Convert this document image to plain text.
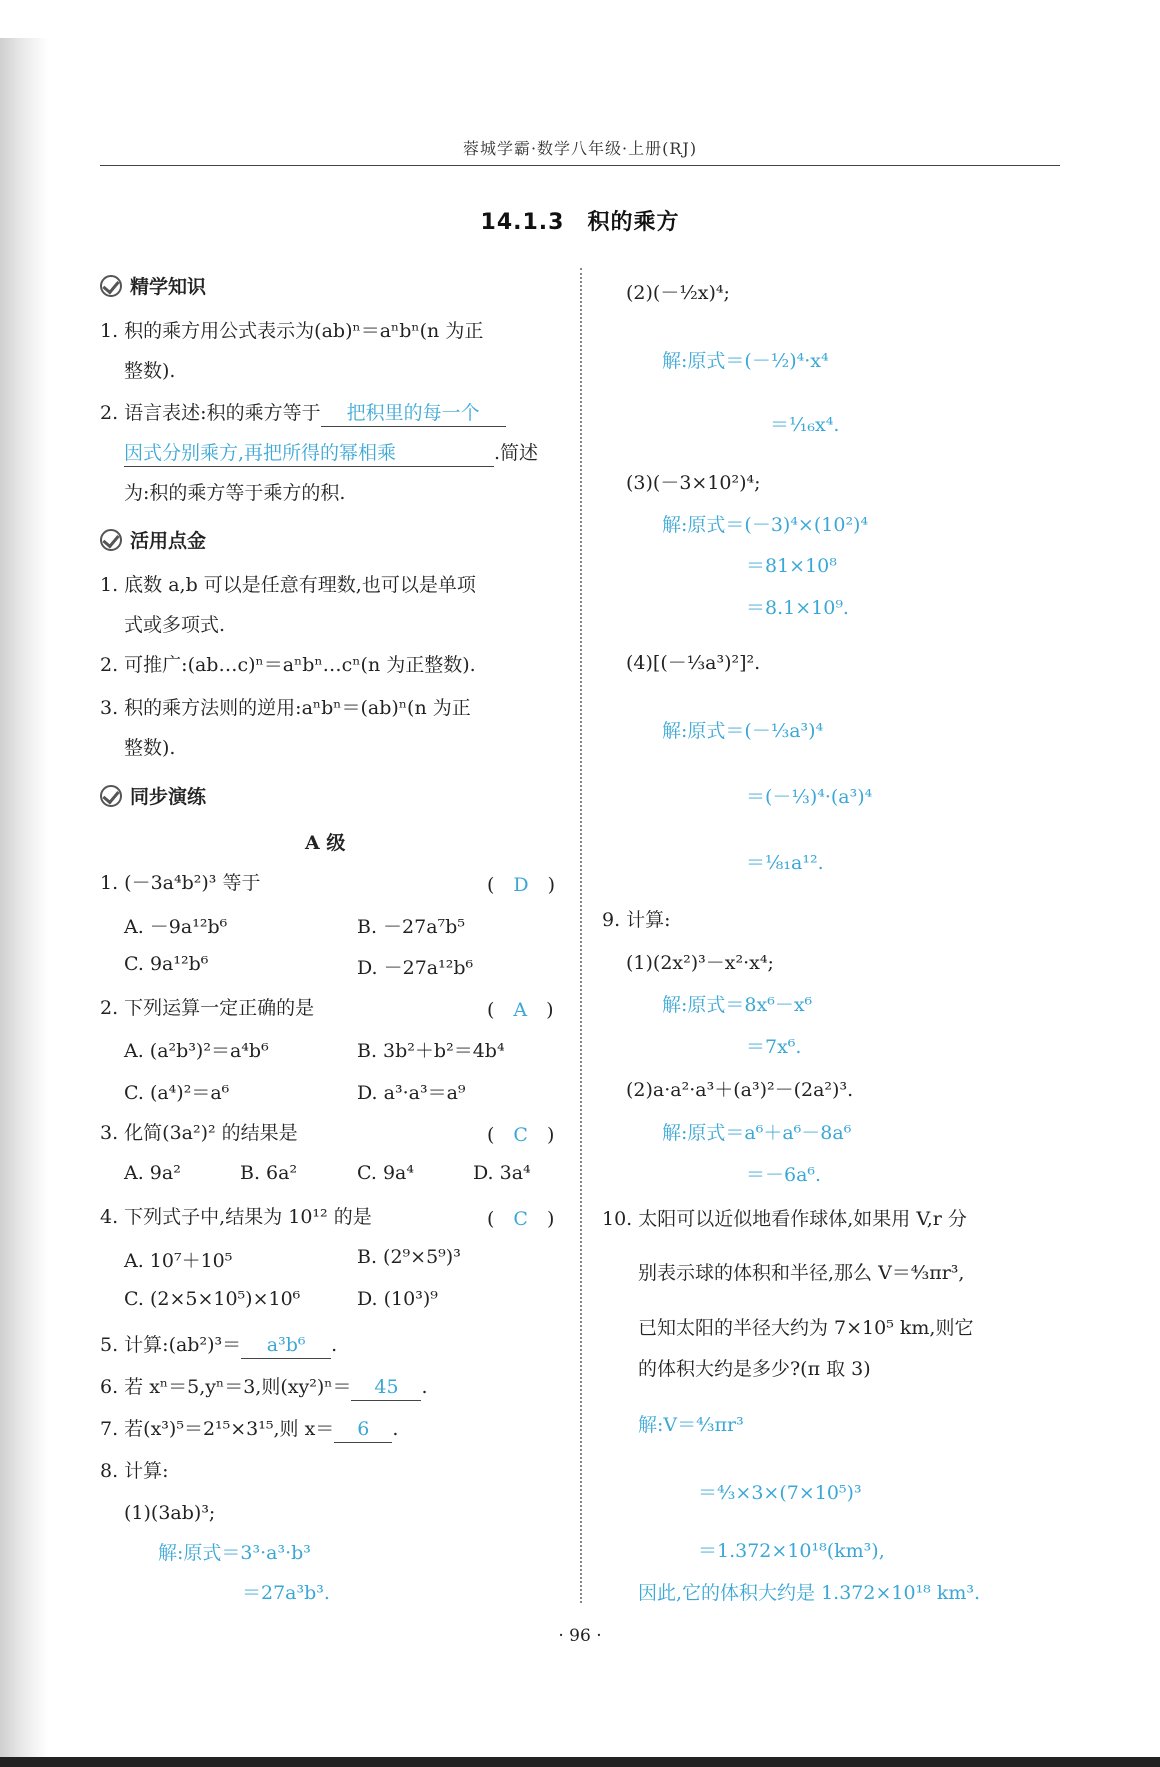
蓉城学霸·数学八年级·上册(RJ)
14.1.3　积的乘方
精学知识
1. 积的乘方用公式表示为(ab)ⁿ＝aⁿbⁿ(n 为正
整数).
2. 语言表述:积的乘方等于 把积里的每一个
因式分别乘方,再把所得的幂相乘	.简述
为:积的乘方等于乘方的积.
活用点金
1. 底数 a,b 可以是任意有理数,也可以是单项
式或多项式.
2. 可推广:(ab…c)ⁿ＝aⁿbⁿ…cⁿ(n 为正整数).
3. 积的乘方法则的逆用:aⁿbⁿ＝(ab)ⁿ(n 为正
整数).
同步演练
A 级
1. (－3a⁴b²)³ 等于	(　D　)
A. －9a¹²b⁶	B. －27a⁷b⁵
C. 9a¹²b⁶	D. －27a¹²b⁶
2. 下列运算一定正确的是	(　A　)
A. (a²b³)²＝a⁴b⁶	B. 3b²＋b²＝4b⁴
C. (a⁴)²＝a⁶	D. a³·a³＝a⁹
3. 化简(3a²)² 的结果是	(　C　)
A. 9a²	B. 6a²	C. 9a⁴	D. 3a⁴
4. 下列式子中,结果为 10¹² 的是	(　C　)
A. 10⁷＋10⁵	B. (2⁹×5⁹)³
C. (2×5×10⁵)×10⁶	D. (10³)⁹
5. 计算:(ab²)³＝ a³b⁶ .
6. 若 xⁿ＝5,yⁿ＝3,则(xy²)ⁿ＝ 45 .
7. 若(x³)⁵＝2¹⁵×3¹⁵,则 x＝ 6 .
8. 计算:
(1)(3ab)³;
解:原式＝3³·a³·b³
＝27a³b³.
(2)(－½x)⁴;
解:原式＝(－½)⁴·x⁴
＝¹⁄₁₆x⁴.
(3)(－3×10²)⁴;
解:原式＝(－3)⁴×(10²)⁴
＝81×10⁸
＝8.1×10⁹.
(4)[(－⅓a³)²]².
解:原式＝(－⅓a³)⁴
＝(－⅓)⁴·(a³)⁴
＝¹⁄₈₁a¹².
9. 计算:
(1)(2x²)³－x²·x⁴;
解:原式＝8x⁶－x⁶
＝7x⁶.
(2)a·a²·a³＋(a³)²－(2a²)³.
解:原式＝a⁶＋a⁶－8a⁶
＝－6a⁶.
10. 太阳可以近似地看作球体,如果用 V,r 分
别表示球的体积和半径,那么 V＝⁴⁄₃πr³,
已知太阳的半径大约为 7×10⁵ km,则它
的体积大约是多少?(π 取 3)
解:V＝⁴⁄₃πr³
＝⁴⁄₃×3×(7×10⁵)³
＝1.372×10¹⁸(km³),
因此,它的体积大约是 1.372×10¹⁸ km³.
· 96 ·
